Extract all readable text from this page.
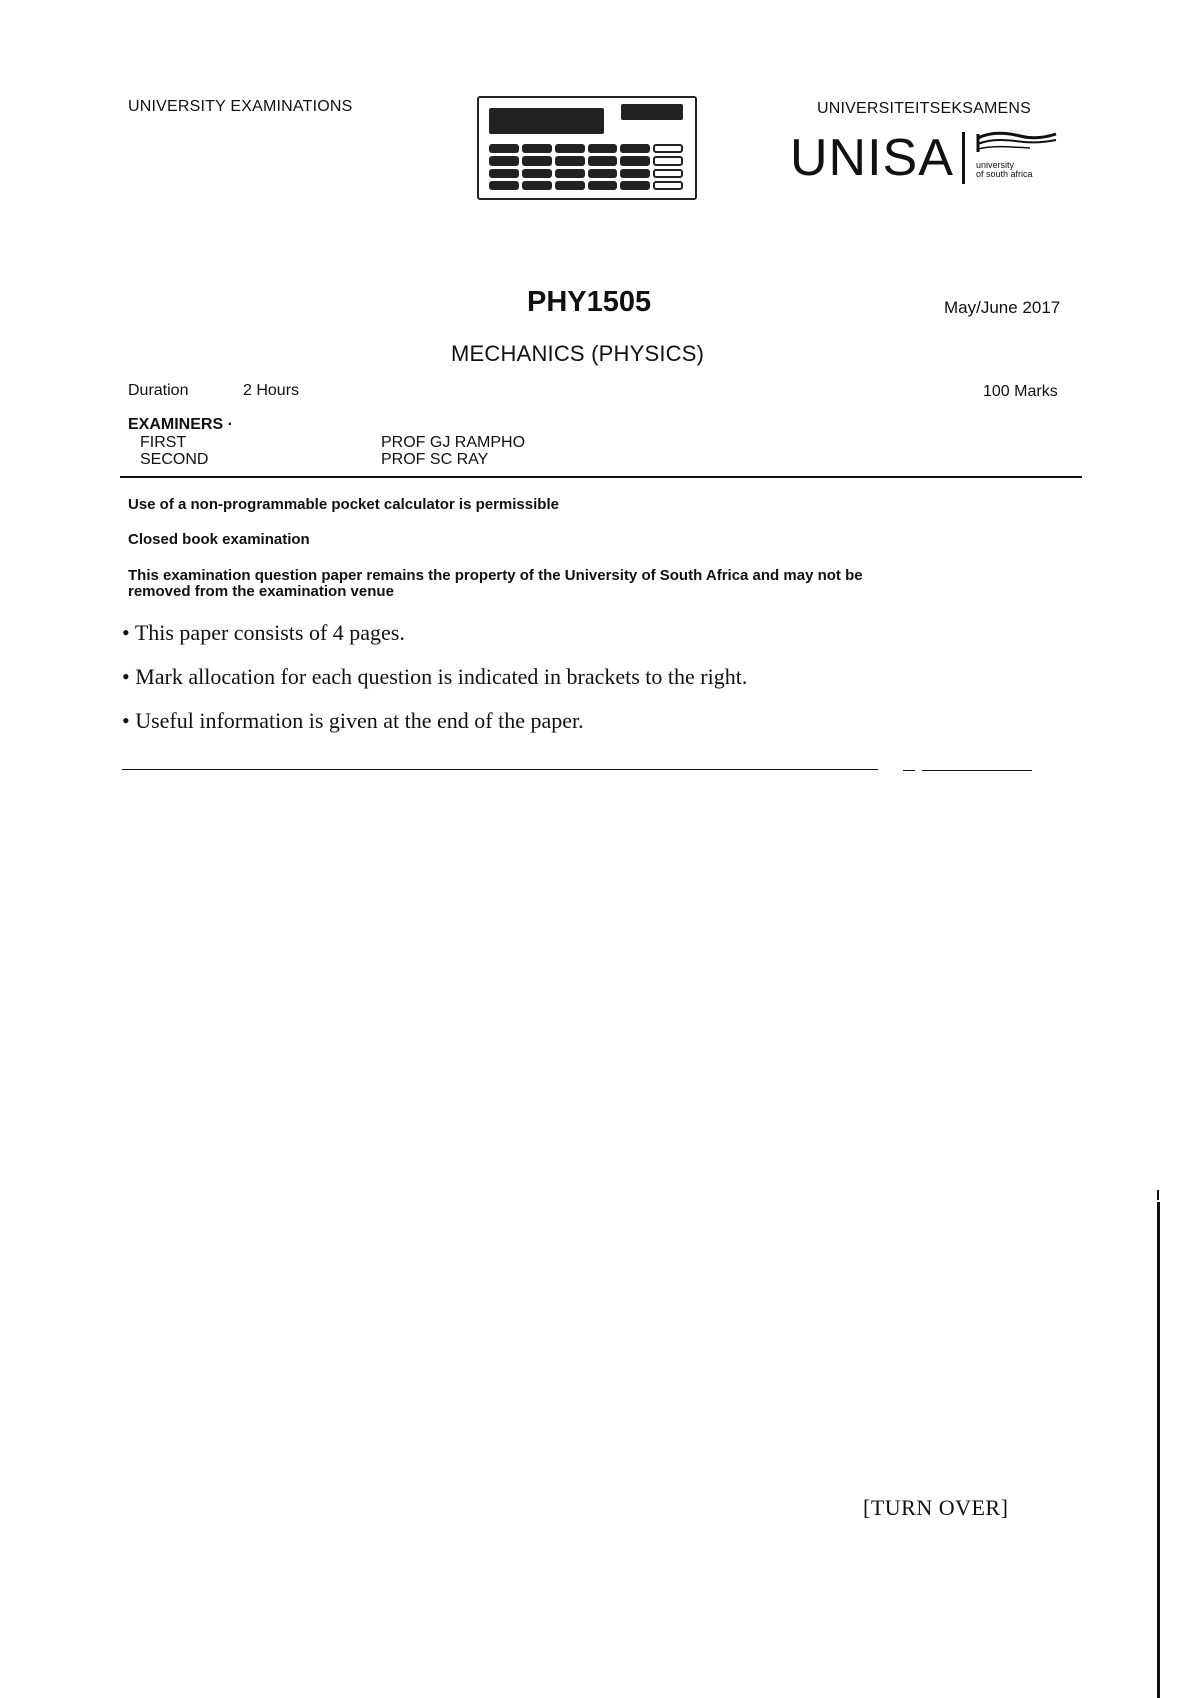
UNIVERSITY EXAMINATIONS	UNIVERSITEITSEKSAMENS
UNISA university
of south africa
PHY1505	May/June 2017
MECHANICS (PHYSICS)
Duration	2 Hours	100 Marks
EXAMINERS ·
FIRST	PROF GJ RAMPHO
SECOND	PROF SC RAY
Use of a non-programmable pocket calculator is permissible
Closed book examination
This examination question paper remains the property of the University of South Africa and may not be
removed from the examination venue
• This paper consists of 4 pages.
• Mark allocation for each question is indicated in brackets to the right.
• Useful information is given at the end of the paper.
[TURN OVER]
